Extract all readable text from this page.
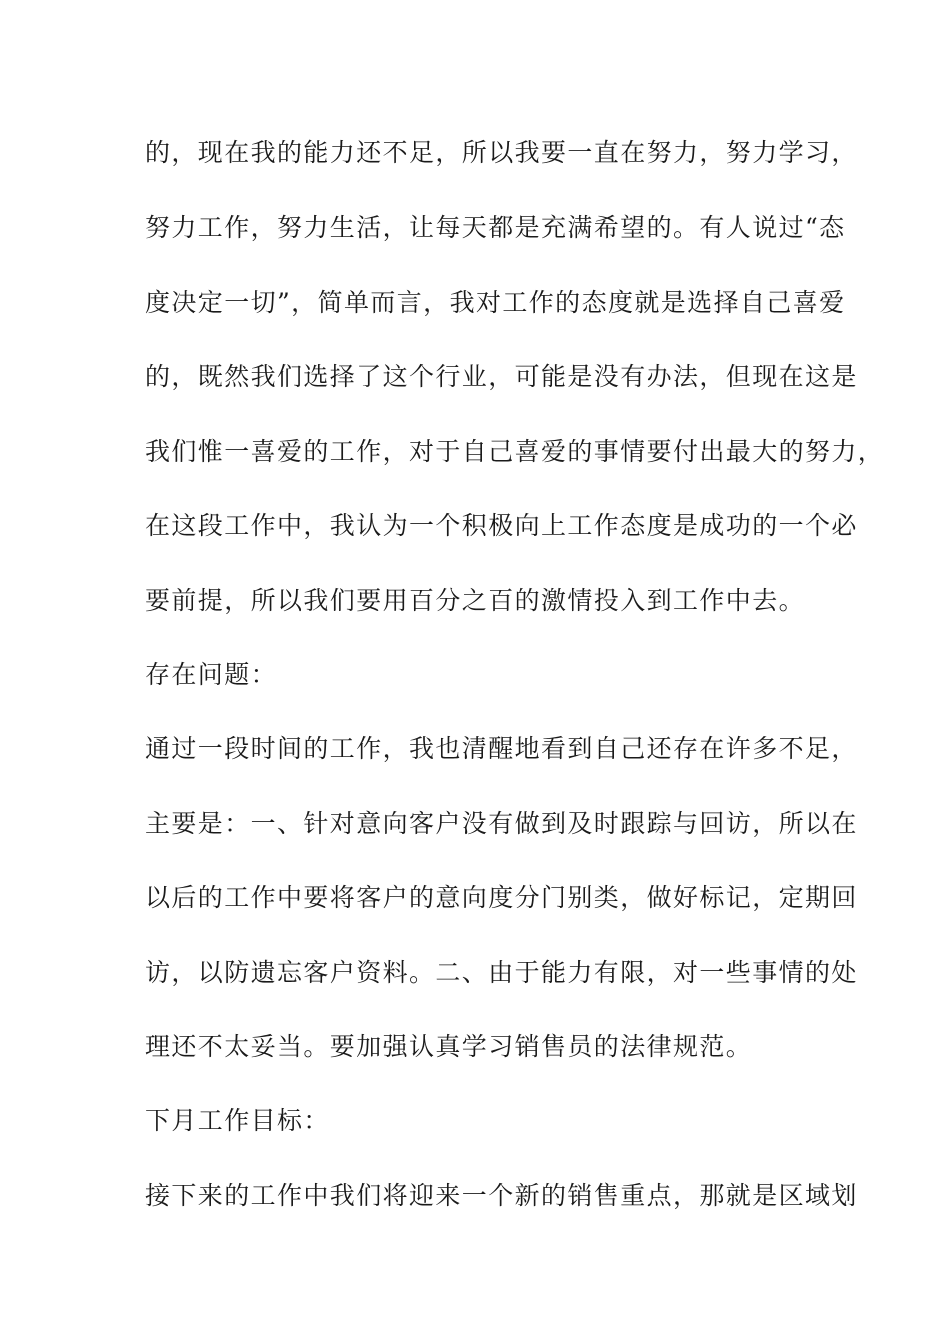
的，现在我的能力还不足，所以我要一直在努力，努力学习，
努力工作，努力生活，让每天都是充满希望的。有人说过“态
度决定一切”，简单而言，我对工作的态度就是选择自己喜爱
的，既然我们选择了这个行业，可能是没有办法，但现在这是
我们惟一喜爱的工作，对于自己喜爱的事情要付出最大的努力，
在这段工作中，我认为一个积极向上工作态度是成功的一个必
要前提，所以我们要用百分之百的激情投入到工作中去。
存在问题：
通过一段时间的工作，我也清醒地看到自己还存在许多不足，
主要是：一、针对意向客户没有做到及时跟踪与回访，所以在
以后的工作中要将客户的意向度分门别类，做好标记，定期回
访，以防遗忘客户资料。二、由于能力有限，对一些事情的处
理还不太妥当。要加强认真学习销售员的法律规范。
下月工作目标：
接下来的工作中我们将迎来一个新的销售重点，那就是区域划
